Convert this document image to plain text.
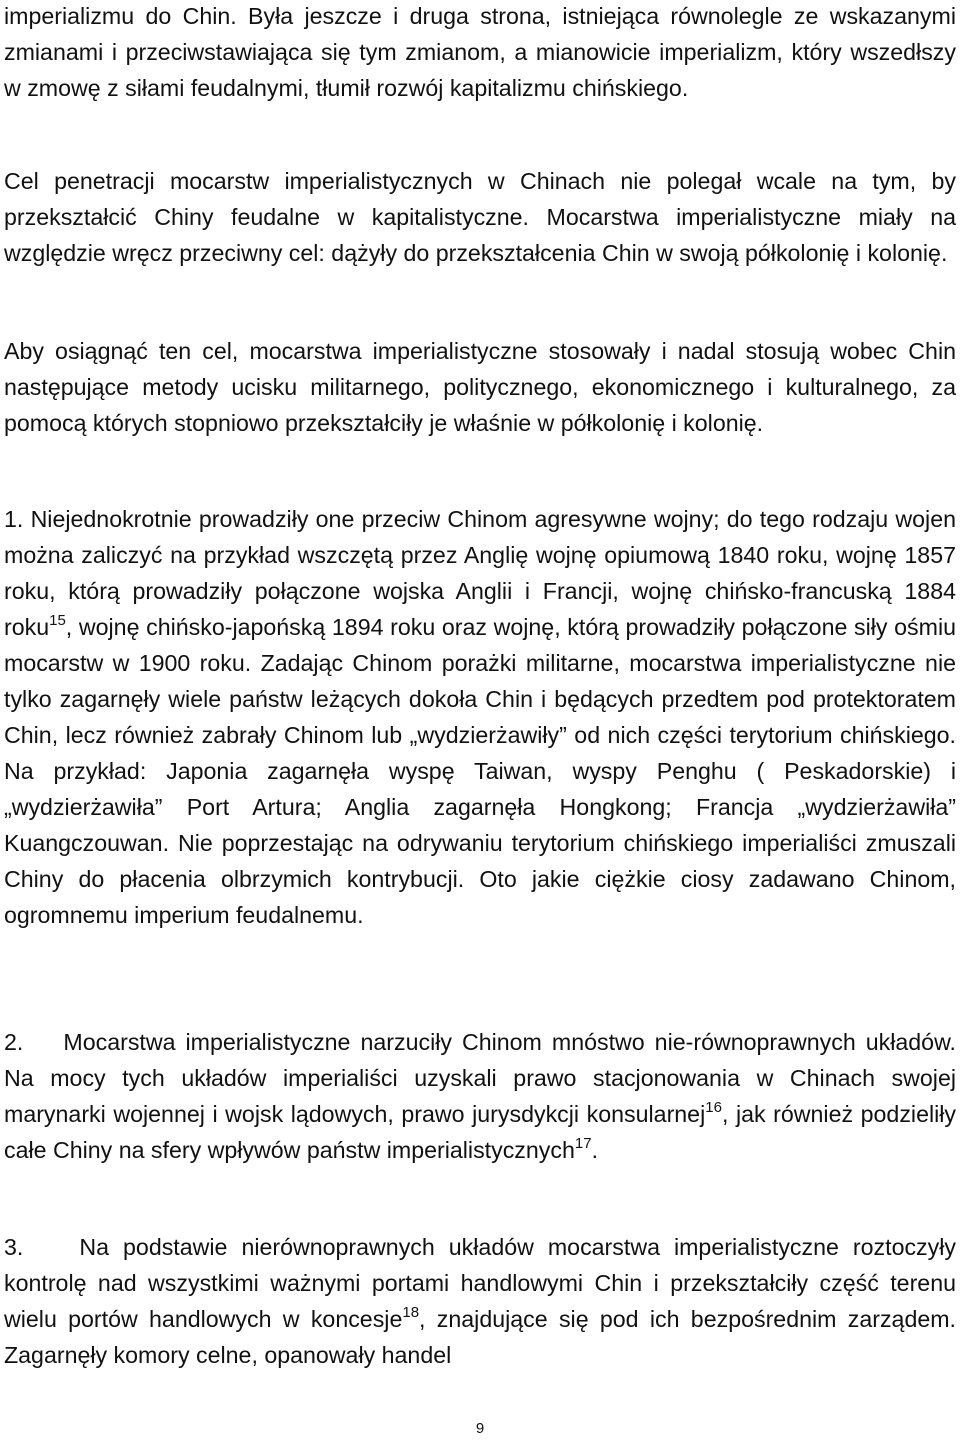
imperializmu do Chin. Była jeszcze i druga strona, istniejąca równolegle ze wskazanymi zmianami i przeciwstawiająca się tym zmianom, a mianowicie imperializm, który wszedłszy w zmowę z siłami feudalnymi, tłumił rozwój kapitalizmu chińskiego.

Cel penetracji mocarstw imperialistycznych w Chinach nie polegał wcale na tym, by przekształcić Chiny feudalne w kapitalistyczne. Mocarstwa imperialistyczne miały na względzie wręcz przeciwny cel: dążyły do przekształcenia Chin w swoją półkolonię i kolonię.

Aby osiągnąć ten cel, mocarstwa imperialistyczne stosowały i nadal stosują wobec Chin następujące metody ucisku militarnego, politycznego, ekonomicznego i kulturalnego, za pomocą których stopniowo przekształciły je właśnie w półkolonię i kolonię.

1. Niejednokrotnie prowadziły one przeciw Chinom agresywne wojny; do tego rodzaju wojen można zaliczyć na przykład wszczętą przez Anglię wojnę opiumową 1840 roku, wojnę 1857 roku, którą prowadziły połączone wojska Anglii i Francji, wojnę chińsko-francuską 1884 roku$^{15}$, wojnę chińsko-japońską 1894 roku oraz wojnę, którą prowadziły połączone siły ośmiu mocarstw w 1900 roku. Zadając Chinom porażki militarne, mocarstwa imperialistyczne nie tylko zagarnęły wiele państw leżących dokoła Chin i będących przedtem pod protektoratem Chin, lecz również zabrały Chinom lub „wydzierżawiły” od nich części terytorium chińskiego. Na przykład: Japonia zagarnęła wyspę Taiwan, wyspy Penghu ( Peskadorskie) i „wydzierżawiła” Port Artura; Anglia zagarnęła Hongkong; Francja „wydzierżawiła” Kuangczouwan. Nie poprzestając na odrywaniu terytorium chińskiego imperialiści zmuszali Chiny do płacenia olbrzymich kontrybucji. Oto jakie ciężkie ciosy zadawano Chinom, ogromnemu imperium feudalnemu.

2. Mocarstwa imperialistyczne narzuciły Chinom mnóstwo nie-równoprawnych układów. Na mocy tych układów imperialiści uzyskali prawo stacjonowania w Chinach swojej marynarki wojennej i wojsk lądowych, prawo jurysdykcji konsularnej$^{16}$, jak również podzieliły całe Chiny na sfery wpływów państw imperialistycznych$^{17}$.

3. Na podstawie nierównoprawnych układów mocarstwa imperialistyczne roztoczyły kontrolę nad wszystkimi ważnymi portami handlowymi Chin i przekształciły część terenu wielu portów handlowych w koncesje$^{18}$, znajdujące się pod ich bezpośrednim zarządem. Zagarnęły komory celne, opanowały handel

9
